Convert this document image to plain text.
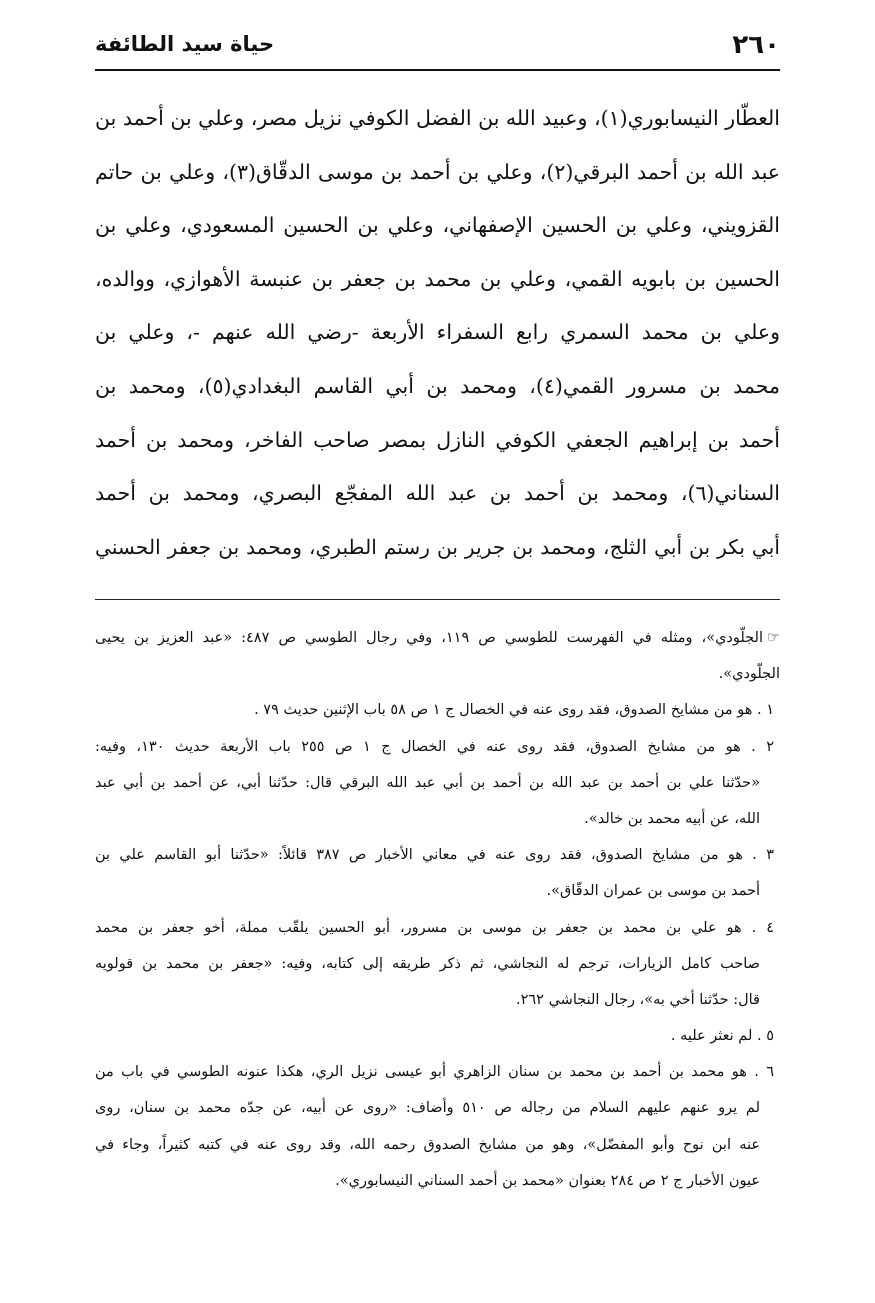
٢٦٠
حياة سيد الطائفة
العطّار النيسابوري(١)، وعبيد الله بن الفضل الكوفي نزيل مصر، وعلي بن أحمد بن
عبد الله بن أحمد البرقي(٢)، وعلي بن أحمد بن موسى الدقّاق(٣)، وعلي بن حاتم
القزويني، وعلي بن الحسين الإصفهاني، وعلي بن الحسين المسعودي، وعلي بن
الحسين بن بابويه القمي، وعلي بن محمد بن جعفر بن عنبسة الأهوازي، ووالده،
وعلي بن محمد السمري رابع السفراء الأربعة -رضي الله عنهم -، وعلي بن
محمد بن مسرور القمي(٤)، ومحمد بن أبي القاسم البغدادي(٥)، ومحمد بن
أحمد بن إبراهيم الجعفي الكوفي النازل بمصر صاحب الفاخر، ومحمد بن أحمد
السناني(٦)، ومحمد بن أحمد بن عبد الله المفجّع البصري، ومحمد بن أحمد
أبي بكر بن أبي الثلج، ومحمد بن جرير بن رستم الطبري، ومحمد بن جعفر الحسني
☞الجلّودي»، ومثله في الفهرست للطوسي ص ١١٩، وفي رجال الطوسي ص ٤٨٧: «عبد العزيز بن يحيى
الجلّودي».
١ . هو من مشايخ الصدوق، فقد روى عنه في الخصال ج ١ ص ٥٨ باب الإثنين حديث ٧٩ .
٢ . هو من مشايخ الصدوق، فقد روى عنه في الخصال ج ١ ص ٢٥٥ باب الأربعة حديث ١٣٠، وفيه:
«حدّثنا علي بن أحمد بن عبد الله بن أحمد بن أبي عبد الله البرقي قال: حدّثنا أبي، عن أحمد بن أبي عبد
الله، عن أبيه محمد بن خالد».
٣ . هو من مشايخ الصدوق، فقد روى عنه في معاني الأخبار ص ٣٨٧ قائلاً: «حدّثنا أبو القاسم علي بن
أحمد بن موسى بن عمران الدقّاق».
٤ . هو علي بن محمد بن جعفر بن موسى بن مسرور، أبو الحسين يلقّب مملة، أخو جعفر بن محمد
صاحب كامل الزيارات، ترجم له النجاشي، ثم ذكر طريقه إلى كتابه، وفيه: «جعفر بن محمد بن قولويه
قال: حدّثنا أخي به»، رجال النجاشي ٢٦٢.
٥ . لم نعثر عليه .
٦ . هو محمد بن أحمد بن محمد بن سنان الزاهري أبو عيسى نزيل الري، هكذا عنونه الطوسي في باب من
لم يرو عنهم عليهم السلام من رجاله ص ٥١٠ وأضاف: «روى عن أبيه، عن جدّه محمد بن سنان، روى
عنه ابن نوح وأبو المفضّل»، وهو من مشايخ الصدوق رحمه الله، وقد روى عنه في كتبه كثيراً، وجاء في
عيون الأخبار ج ٢ ص ٢٨٤ بعنوان «محمد بن أحمد السناني النيسابوري».
